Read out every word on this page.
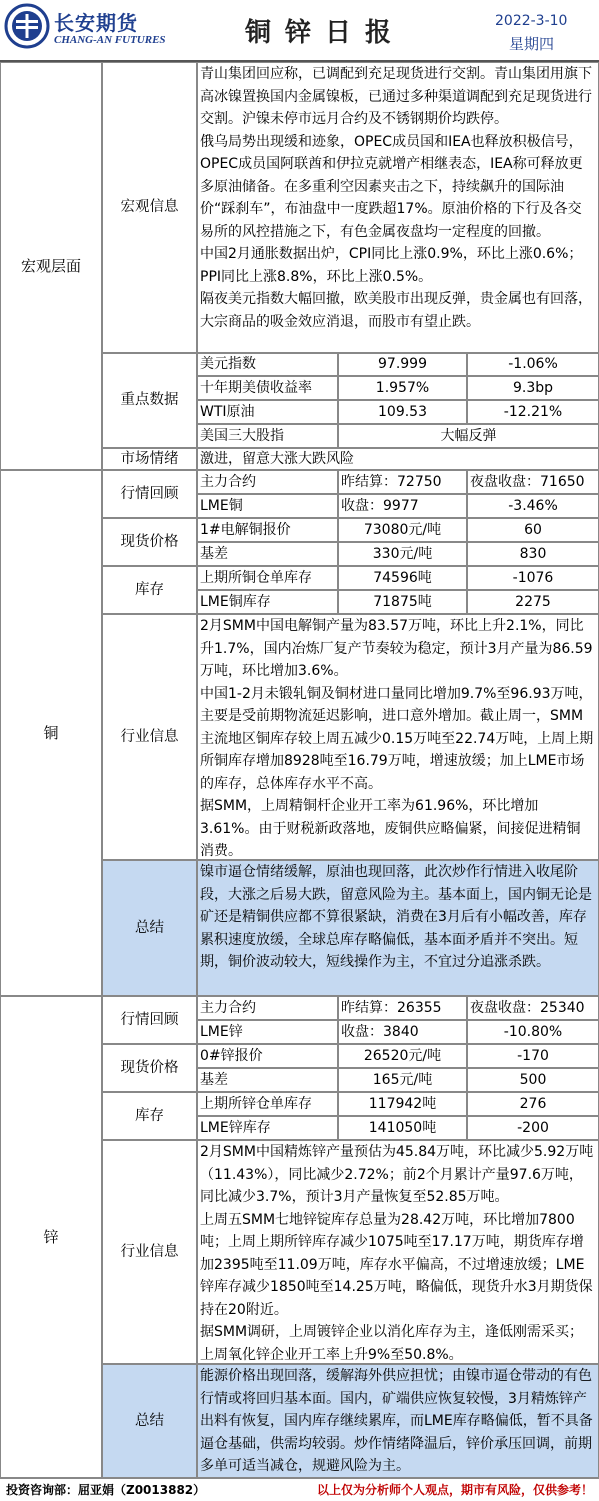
长安期货
CHANG-AN FUTURES	铜锌日报	2022-3-10
星期四
宏观层面
宏观信息

青山集团回应称，已调配到充足现货进行交割。青山集团用旗下高冰镍置换国内金属镍板，已通过多种渠道调配到充足现货进行交割。沪镍未停市远月合约及不锈钢期价均跌停。

俄乌局势出现缓和迹象，OPEC成员国和IEA也释放积极信号，OPEC成员国阿联酋和伊拉克就增产相继表态，IEA称可释放更多原油储备。在多重利空因素夹击之下，持续飙升的国际油价“踩刹车”，布油盘中一度跌超17%。原油价格的下行及各交易所的风控措施之下，有色金属夜盘均一定程度的回撤。

中国2月通胀数据出炉，CPI同比上涨0.9%，环比上涨0.6%；PPI同比上涨8.8%，环比上涨0.5%。

隔夜美元指数大幅回撤，欧美股市出现反弹，贵金属也有回落，大宗商品的吸金效应消退，而股市有望止跌。

重点数据
美元指数	97.999	-1.06%
十年期美债收益率	1.957%	9.3bp
WTI原油	109.53	-12.21%
美国三大股指	大幅反弹
市场情绪	激进，留意大涨大跌风险
铜
行情回顾
主力合约	昨结算：72750	夜盘收盘：71650
LME铜	收盘：9977	-3.46%
现货价格
1#电解铜报价	73080元/吨	60
基差	330元/吨	830
库存
上期所铜仓单库存	74596吨	-1076
LME铜库存	71875吨	2275
行业信息

2月SMM中国电解铜产量为83.57万吨，环比上升2.1%，同比升1.7%，国内冶炼厂复产节奏较为稳定，预计3月产量为86.59万吨，环比增加3.6%。

中国1-2月未锻轧铜及铜材进口量同比增加9.7%至96.93万吨，主要是受前期物流延迟影响，进口意外增加。截止周一，SMM主流地区铜库存较上周五减少0.15万吨至22.74万吨，上周上期所铜库存增加8928吨至16.79万吨，增速放缓；加上LME市场的库存，总体库存水平不高。

据SMM，上周精铜杆企业开工率为61.96%，环比增加3.61%。由于财税新政落地，废铜供应略偏紧，间接促进精铜消费。

总结

镍市逼仓情绪缓解，原油也现回落，此次炒作行情进入收尾阶段，大涨之后易大跌，留意风险为主。基本面上，国内铜无论是矿还是精铜供应都不算很紧缺，消费在3月后有小幅改善，库存累积速度放缓，全球总库存略偏低，基本面矛盾并不突出。短期，铜价波动较大，短线操作为主，不宜过分追涨杀跌。

锌
行情回顾
主力合约	昨结算：26355	夜盘收盘：25340
LME锌	收盘：3840	-10.80%
现货价格
0#锌报价	26520元/吨	-170
基差	165元/吨	500
库存
上期所锌仓单库存	117942吨	276
LME锌库存	141050吨	-200
行业信息

2月SMM中国精炼锌产量预估为45.84万吨，环比减少5.92万吨（11.43%），同比减少2.72%；前2个月累计产量97.6万吨，同比减少3.7%，预计3月产量恢复至52.85万吨。

上周五SMM七地锌锭库存总量为28.42万吨，环比增加7800吨；上周上期所锌库存减少1075吨至17.17万吨，期货库存增加2395吨至11.09万吨，库存水平偏高，不过增速放缓；LME锌库存减少1850吨至14.25万吨，略偏低，现货升水3月期货保持在20附近。

据SMM调研，上周镀锌企业以消化库存为主，逢低刚需采买；上周氧化锌企业开工率上升9%至50.8%。

总结

能源价格出现回落，缓解海外供应担忧；由镍市逼仓带动的有色行情或将回归基本面。国内，矿端供应恢复较慢，3月精炼锌产出料有恢复，国内库存继续累库，而LME库存略偏低，暂不具备逼仓基础，供需均较弱。炒作情绪降温后，锌价承压回调，前期多单可适当减仓，规避风险为主。

投资咨询部：屈亚娟（Z0013882）	以上仅为分析师个人观点，期市有风险，仅供参考！
